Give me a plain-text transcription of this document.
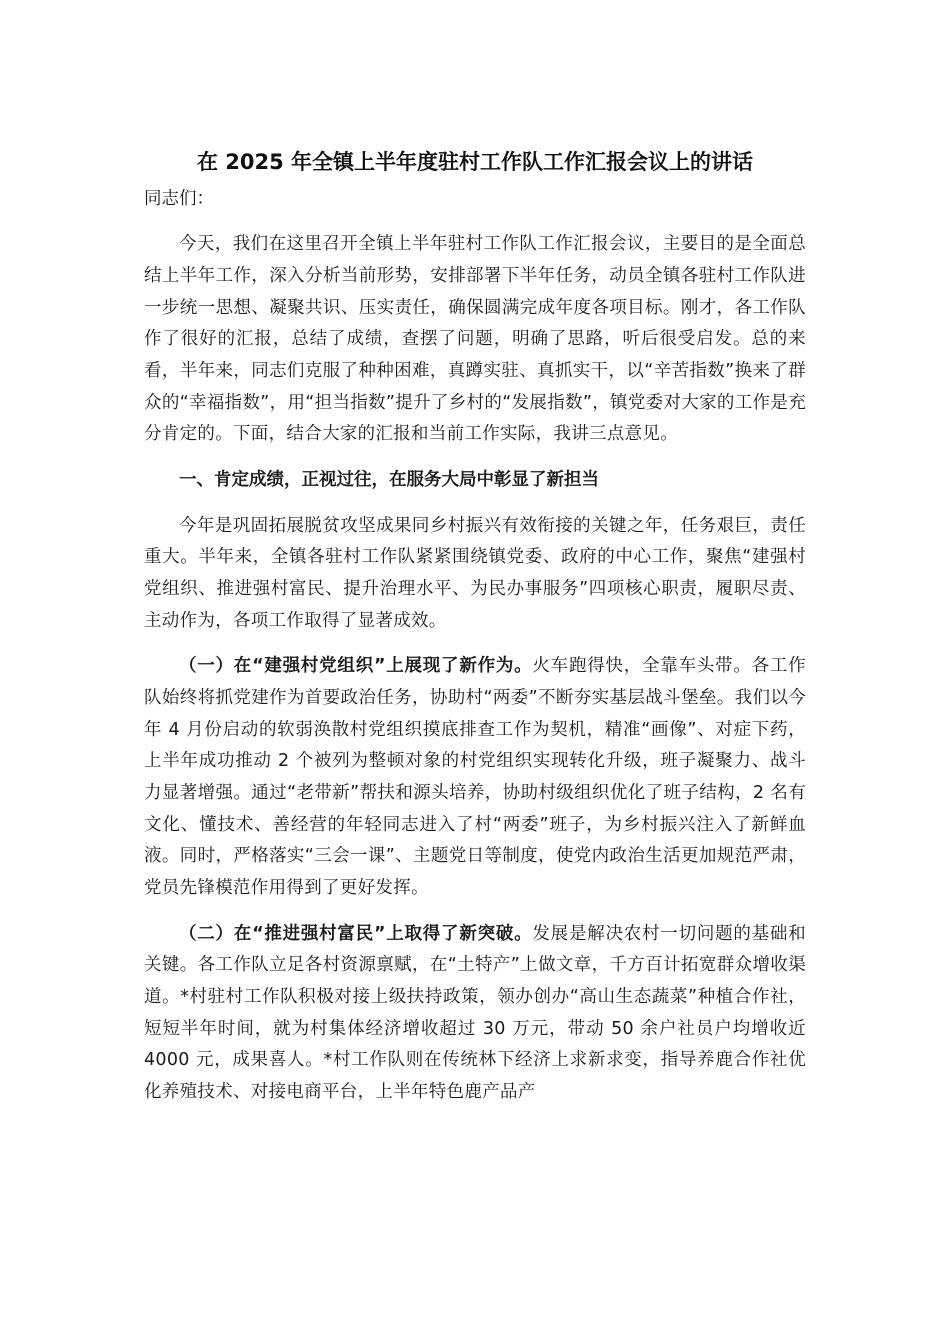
在 2025 年全镇上半年度驻村工作队工作汇报会议上的讲话
同志们：

今天，我们在这里召开全镇上半年驻村工作队工作汇报会议，主要目的是全面总结上半年工作，深入分析当前形势，安排部署下半年任务，动员全镇各驻村工作队进一步统一思想、凝聚共识、压实责任，确保圆满完成年度各项目标。刚才，各工作队作了很好的汇报，总结了成绩，查摆了问题，明确了思路，听后很受启发。总的来看，半年来，同志们克服了种种困难，真蹲实驻、真抓实干，以“辛苦指数”换来了群众的“幸福指数”，用“担当指数”提升了乡村的“发展指数”，镇党委对大家的工作是充分肯定的。下面，结合大家的汇报和当前工作实际，我讲三点意见。

一、肯定成绩，正视过往，在服务大局中彰显了新担当

今年是巩固拓展脱贫攻坚成果同乡村振兴有效衔接的关键之年，任务艰巨，责任重大。半年来，全镇各驻村工作队紧紧围绕镇党委、政府的中心工作，聚焦“建强村党组织、推进强村富民、提升治理水平、为民办事服务”四项核心职责，履职尽责、主动作为，各项工作取得了显著成效。

（一）在“建强村党组织”上展现了新作为。火车跑得快，全靠车头带。各工作队始终将抓党建作为首要政治任务，协助村“两委”不断夯实基层战斗堡垒。我们以今年 4 月份启动的软弱涣散村党组织摸底排查工作为契机，精准“画像”、对症下药，上半年成功推动 2 个被列为整顿对象的村党组织实现转化升级，班子凝聚力、战斗力显著增强。通过“老带新”帮扶和源头培养，协助村级组织优化了班子结构，2 名有文化、懂技术、善经营的年轻同志进入了村“两委”班子，为乡村振兴注入了新鲜血液。同时，严格落实“三会一课”、主题党日等制度，使党内政治生活更加规范严肃，党员先锋模范作用得到了更好发挥。

（二）在“推进强村富民”上取得了新突破。发展是解决农村一切问题的基础和关键。各工作队立足各村资源禀赋，在“土特产”上做文章，千方百计拓宽群众增收渠道。*村驻村工作队积极对接上级扶持政策，领办创办“高山生态蔬菜”种植合作社，短短半年时间，就为村集体经济增收超过 30 万元，带动 50 余户社员户均增收近 4000 元，成果喜人。*村工作队则在传统林下经济上求新求变，指导养鹿合作社优化养殖技术、对接电商平台，上半年特色鹿产品产
